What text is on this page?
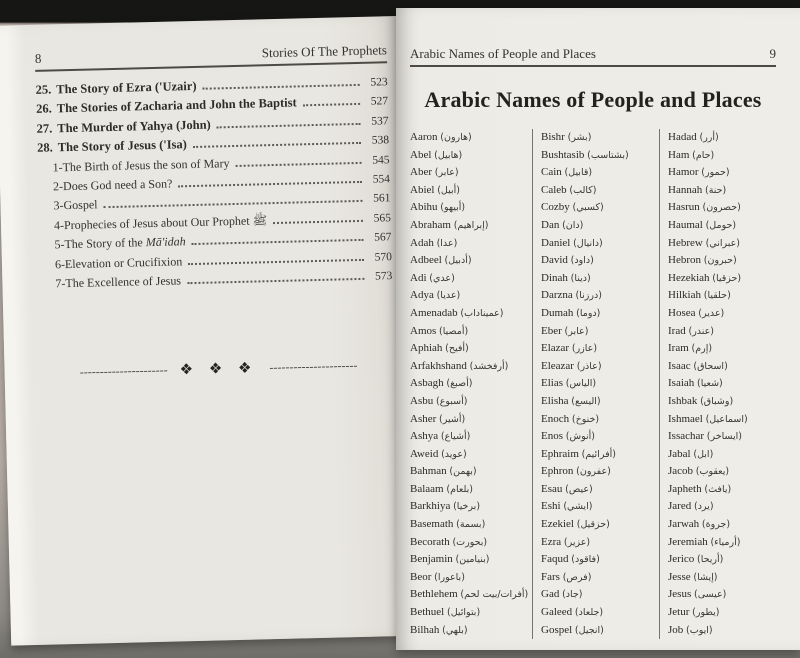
8	Stories Of The Prophets
25. The Story of Ezra ('Uzair)	523
26. The Stories of Zacharia and John the Baptist	527
27. The Murder of Yahya (John)	537
28. The Story of Jesus ('Isa)	538
1-The Birth of Jesus the son of Mary	545
2-Does God need a Son?	554
3-Gospel	561
4-Prophecies of Jesus about Our Prophet ﷺ	565
5-The Story of the Mā'idah	567
6-Elevation or Crucifixion	570
7-The Excellence of Jesus	573
---------------------- ❖ ❖ ❖ ----------------------
Arabic Names of People and Places	9
Arabic Names of People and Places
Aaron (هارون)
Abel (هابيل)
Aber (عابر)
Abiel (أبيل)
Abihu (أبيهو)
Abraham (إبراهيم)
Adah (عدا)
Adbeel (أدبيل)
Adi (عدي)
Adya (عديا)
Amenadab (عميناداب)
Amos (أمصيا)
Aphiah (أفيح)
Arfakhshand (أرفخشد)
Asbagh (أصبغ)
Asbu (أسبوع)
Asher (أشير)
Ashya (أشياع)
Aweid (عويد)
Bahman (بهمن)
Balaam (بلعام)
Barkhiya (برخيا)
Basemath (بسمة)
Becorath (بحورت)
Benjamin (بنيامين)
Beor (باعورا)
Bethlehem (أفرات/بيت لحم)
Bethuel (بتوائيل)
Bilhah (بلهي)
Bishr (بشر)
Bushtasib (بشتاسب)
Cain (قابيل)
Caleb (كالب)
Cozby (كسبي)
Dan (دان)
Daniel (دانيال)
David (داود)
Dinah (دينا)
Darzna (درزنا)
Dumah (دوما)
Eber (عابر)
Elazar (عازر)
Eleazar (عاذر)
Elias (الياس)
Elisha (اليسع)
Enoch (خنوخ)
Enos (أنوش)
Ephraim (أفرائيم)
Ephron (عفرون)
Esau (عيص)
Eshi (ايشي)
Ezekiel (حزقيل)
Ezra (عزير)
Faqud (فاقود)
Fars (فرص)
Gad (جاد)
Galeed (جلعاد)
Gospel (انجيل)
Hadad (أرر)
Ham (حام)
Hamor (حمور)
Hannah (حنة)
Hasrun (حصرون)
Haumal (حومل)
Hebrew (عبراني)
Hebron (حبرون)
Hezekiah (حزقيا)
Hilkiah (حلقيا)
Hosea (عدير)
Irad (عندر)
Iram (إرم)
Isaac (اسحاق)
Isaiah (شعيا)
Ishbak (وشباق)
Ishmael (اسماعيل)
Issachar (ايساخر)
Jabal (ابل)
Jacob (يعقوب)
Japheth (يافث)
Jared (يرد)
Jarwah (جروة)
Jeremiah (أرمياء)
Jerico (أريحا)
Jesse (إيشا)
Jesus (عيسى)
Jetur (يطور)
Job (ايوب)
